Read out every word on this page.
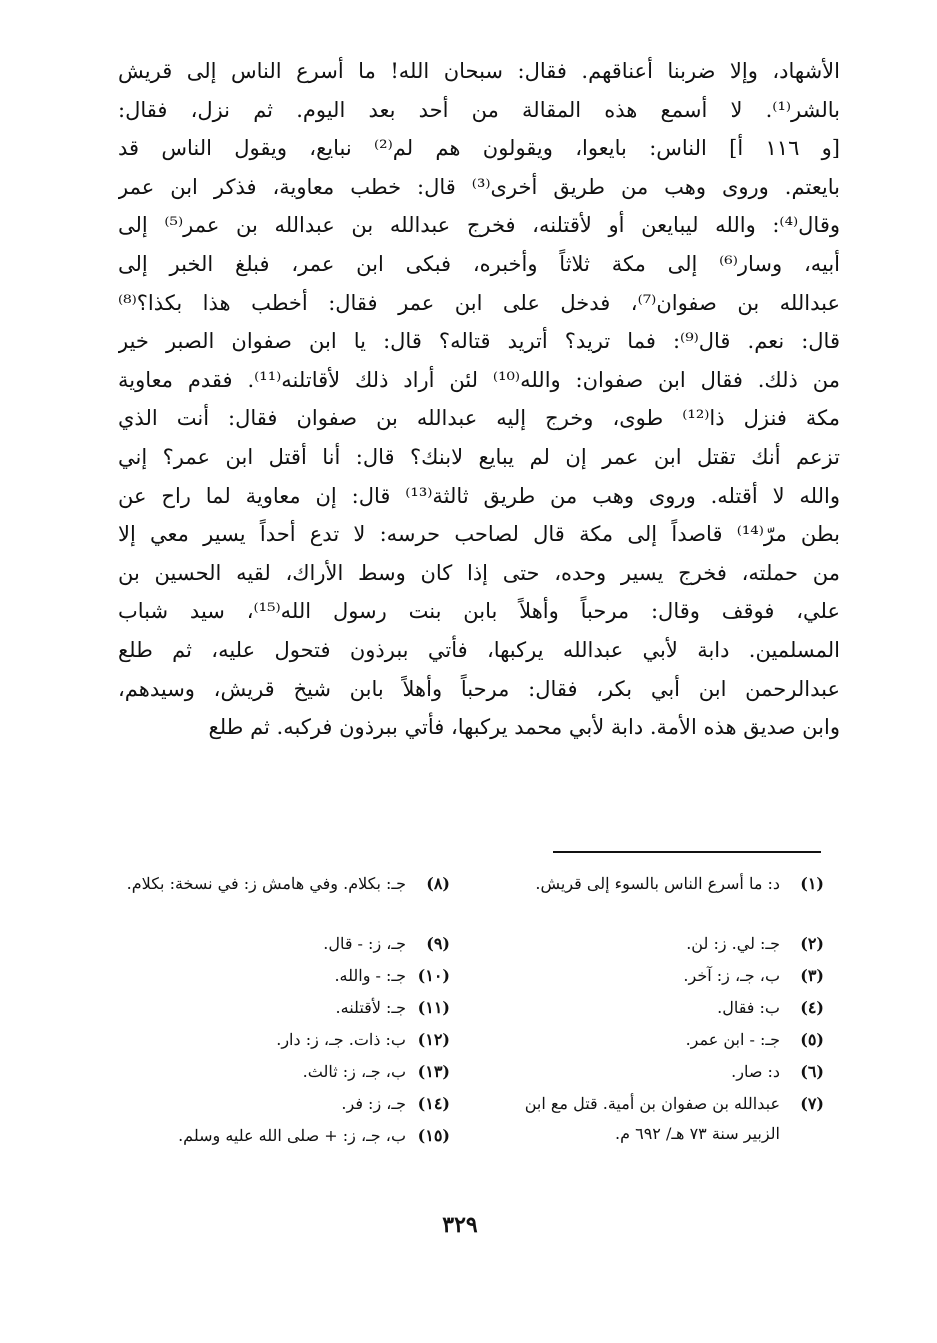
الأشهاد، وإلا ضربنا أعناقهم. فقال: سبحان الله! ما أسرع الناس إلى قريش
بالشر⁽¹⁾. لا أسمع هذه المقالة من أحد بعد اليوم. ثم نزل، فقال:
[و ١١٦ أ] الناس: بايعوا، ويقولون هم لم⁽²⁾ نبايع، ويقول الناس قد
بايعتم. وروى وهب من طريق أخرى⁽³⁾ قال: خطب معاوية، فذكر ابن عمر
وقال⁽⁴⁾: والله ليبايعن أو لأقتلنه، فخرج عبدالله بن عبدالله بن عمر⁽⁵⁾ إلى
أبيه، وسار⁽⁶⁾ إلى مكة ثلاثاً وأخبره، فبكى ابن عمر، فبلغ الخبر إلى
عبدالله بن صفوان⁽⁷⁾، فدخل على ابن عمر فقال: أخطب هذا بكذا؟⁽⁸⁾
قال: نعم. قال⁽⁹⁾: فما تريد؟ أتريد قتاله؟ قال: يا ابن صفوان الصبر خير
من ذلك. فقال ابن صفوان: والله⁽¹⁰⁾ لئن أراد ذلك لأقاتلنه⁽¹¹⁾. فقدم معاوية
مكة فنزل ذا⁽¹²⁾ طوى، وخرج إليه عبدالله بن صفوان فقال: أنت الذي
تزعم أنك تقتل ابن عمر إن لم يبايع لابنك؟ قال: أنا أقتل ابن عمر؟ إني
والله لا أقتله. وروى وهب من طريق ثالثة⁽¹³⁾ قال: إن معاوية لما راح عن
بطن مرّ⁽¹⁴⁾ قاصداً إلى مكة قال لصاحب حرسه: لا تدع أحداً يسير معي إلا
من حملته، فخرج يسير وحده، حتى إذا كان وسط الأراك، لقيه الحسين بن
علي، فوقف وقال: مرحباً وأهلاً بابن بنت رسول الله⁽¹⁵⁾، سيد شباب
المسلمين. دابة لأبي عبدالله يركبها، فأتي ببرذون فتحول عليه، ثم طلع
عبدالرحمن ابن أبي بكر، فقال: مرحباً وأهلاً بابن شيخ قريش، وسيدهم،
وابن صديق هذه الأمة. دابة لأبي محمد يركبها، فأتي ببرذون فركبه. ثم طلع
(١)
د: ما أسرع الناس بالسوء إلى قريش.
(٢)
جـ: لي. ز: لن.
(٣)
ب، جـ، ز: آخر.
(٤)
ب: فقال.
(٥)
جـ: - ابن عمر.
(٦)
د: صار.
(٧)
عبدالله بن صفوان بن أمية. قتل مع ابن الزبير سنة ٧٣ هـ/ ٦٩٢ م.
(٨)
جـ: بكلام. وفي هامش ز: في نسخة: بكلام.
(٩)
جـ، ز: - قال.
(١٠)
جـ: - والله.
(١١)
جـ: لأقتلنه.
(١٢)
ب: ذات. جـ، ز: دار.
(١٣)
ب، جـ، ز: ثالث.
(١٤)
جـ، ز: فر.
(١٥)
ب، جـ، ز: + صلى الله عليه وسلم.
٣٢٩
